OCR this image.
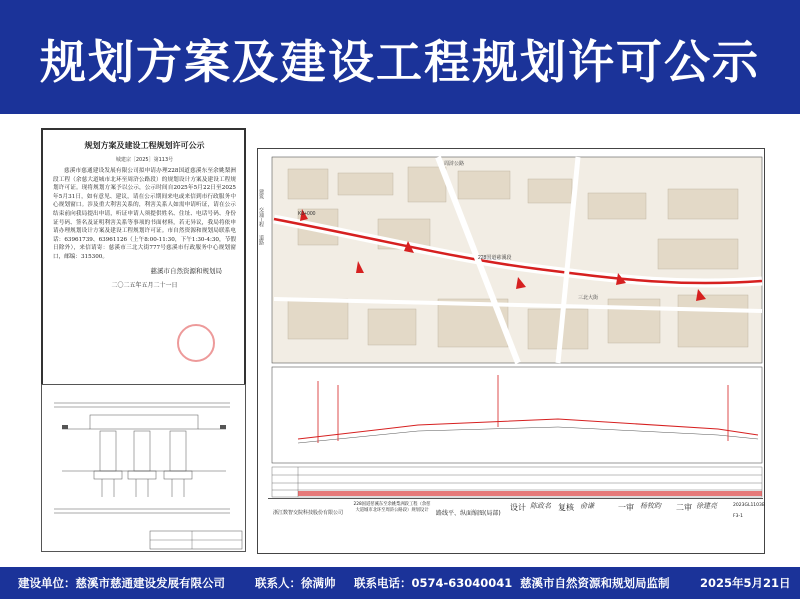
规划方案及建设工程规划许可公示
规划方案及建设工程规划许可公示
城建宗［2025］第113号
慈溪市慈通建设发展有限公司拟申请办理228国道慈溪东至余姚梨洲段工程（余慈大道城市北环至周浒公路段）的规划设计方案及建设工程规划许可证。现将规划方案予以公示，公示时间自2025年5月22日至2025年5月31日，如有意见、建议，请在公示期间来电或来信到市行政服务中心规划窗口。涉及重大利害关系的，利害关系人如需申请听证，请在公示结束前向我局提出申请，听证申请人须提供姓名、住址、电话号码、身份证号码、签名及证明利害关系等事项的书面材料，若无异议，我局将依申请办理规划设计方案及建设工程规划许可证。市自然资源和规划局联系电话：63961739、63961126（上午8:00-11:30，下午1:30-4:30，节假日除外），来信请寄：慈溪市三北大街777号慈溪市行政服务中心规划窗口，邮编：315300。
慈溪市自然资源和规划局
二〇二五年五月二十一日
建筑
交通工程
道路
周浒公路
K0+000
三北大街
228国道慈溪段
浙江数智交院科技股份有限公司
228国道慈溪东至余姚梨洲段工程（余慈大道城市北环至周浒公路段）规划设计	路线平、纵面缩图(局部)
设计 陈政名 复核 俞谦	一审 杨牧昀 二审 徐建亮	2023GL1103B
F3-1
建设单位：慈溪市慈通建设发展有限公司	联系人：徐满帅 联系电话：0574-63040041 慈溪市自然资源和规划局监制	2025年5月21日
